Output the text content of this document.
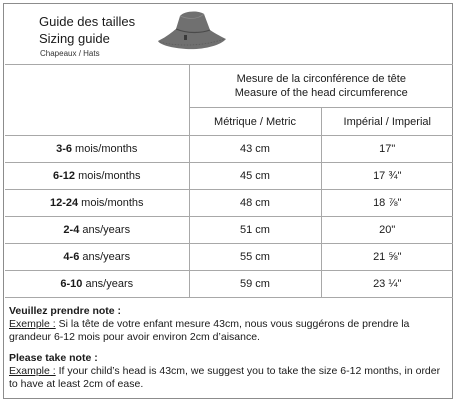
Guide des tailles
Sizing guide
Chapeaux / Hats

	Mesure de la circonférence de tête
Measure of the head circumference	

	Métrique / Metric	Impérial / Imperial
3-6 mois/months	43 cm	17"
6-12 mois/months	45 cm	17 ¾"
12-24 mois/months	48 cm	18 ⅞"
2-4 ans/years	51 cm	20"
4-6 ans/years	55 cm	21 ⅝"
6-10 ans/years	59 cm	23 ¼"

Veuillez prendre note :

Exemple : Si la tête de votre enfant mesure 43cm, nous vous suggérons de prendre la grandeur 6-12 mois pour avoir environ 2cm d’aisance.

Please take note :

Example : If your child’s head is 43cm, we suggest you to take the size 6-12 months, in order to have at least 2cm of ease.
